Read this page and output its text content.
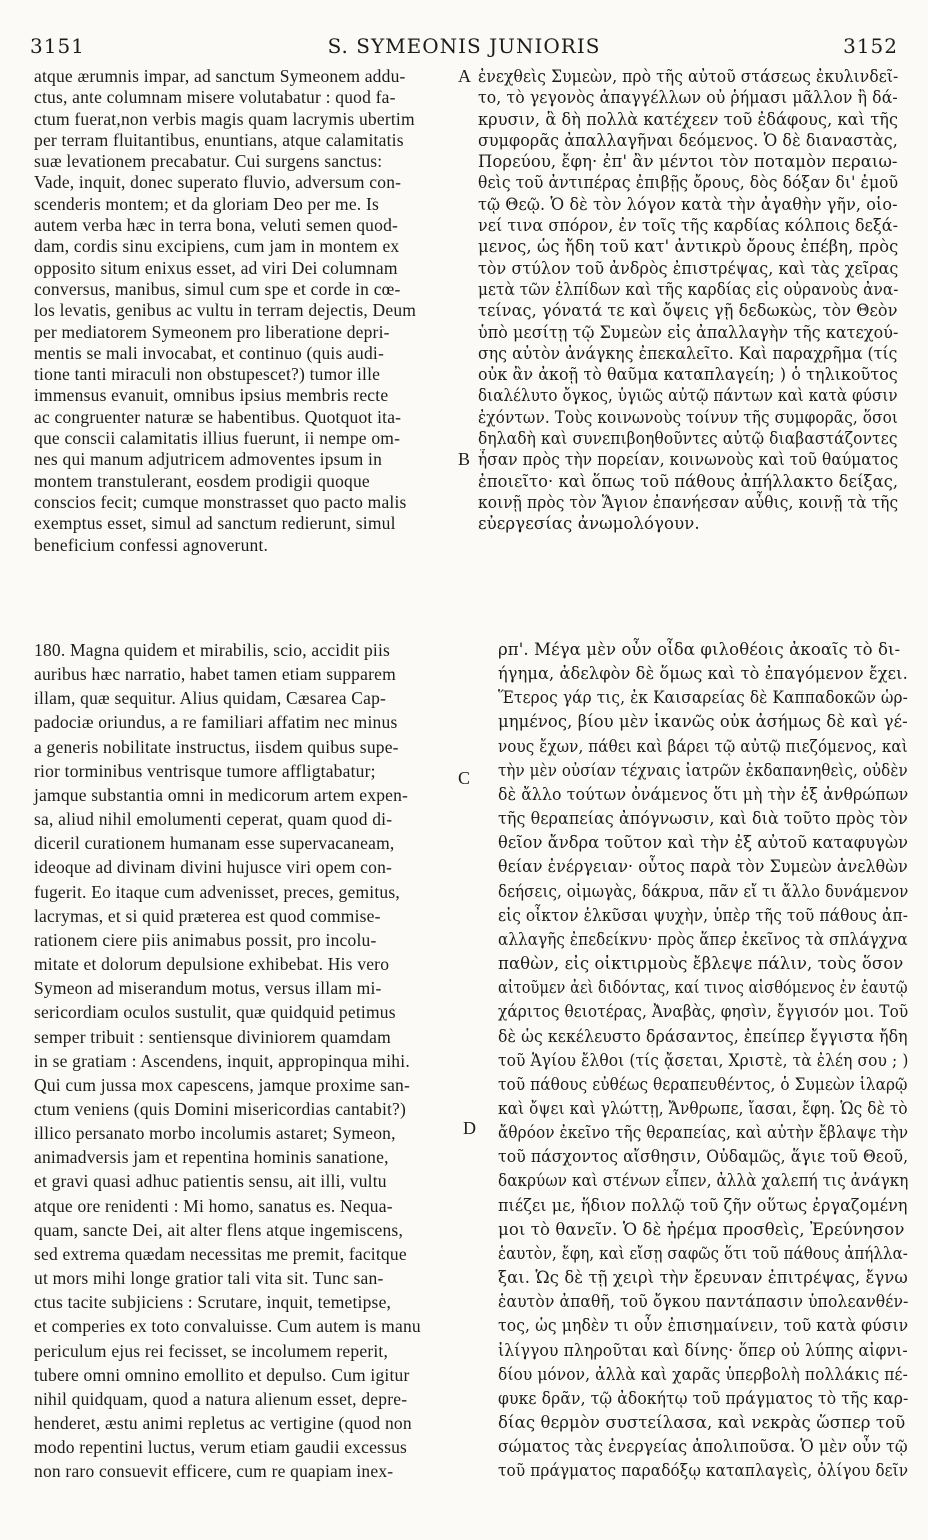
3151	S. SYMEONIS JUNIORIS	3152
A
B
C
D
atque ærumnis impar, ad sanctum Symeonem addu-
ctus, ante columnam misere volutabatur : quod fa-
ctum fuerat,non verbis magis quam lacrymis ubertim
per terram fluitantibus, enuntians, atque calamitatis
suæ levationem precabatur. Cui surgens sanctus:
Vade, inquit, donec superato fluvio, adversum con-
scenderis montem; et da gloriam Deo per me. Is
autem verba hæc in terra bona, veluti semen quod-
dam, cordis sinu excipiens, cum jam in montem ex
opposito situm enixus esset, ad viri Dei columnam
conversus, manibus, simul cum spe et corde in cœ-
los levatis, genibus ac vultu in terram dejectis, Deum
per mediatorem Symeonem pro liberatione depri-
mentis se mali invocabat, et continuo (quis audi-
tione tanti miraculi non obstupescet?) tumor ille
immensus evanuit, omnibus ipsius membris recte
ac congruenter naturæ se habentibus. Quotquot ita-
que conscii calamitatis illius fuerunt, ii nempe om-
nes qui manum adjutricem admoventes ipsum in
montem transtulerant, eosdem prodigii quoque
conscios fecit; cumque monstrasset quo pacto malis
exemptus esset, simul ad sanctum redierunt, simul
beneficium confessi agnoverunt.
ἐνεχθεὶς Συμεὼν, πρὸ τῆς αὐτοῦ στάσεως ἐκυλινδεῖ-
το, τὸ γεγονὸς ἀπαγγέλλων οὐ ῥήμασι μᾶλλον ἢ δά-
κρυσιν, ἃ δὴ πολλὰ κατέχεεν τοῦ ἐδάφους, καὶ τῆς
συμφορᾶς ἀπαλλαγῆναι δεόμενος. Ὁ δὲ διαναστὰς,
Πορεύου, ἔφη· ἐπ' ἂν μέντοι τὸν ποταμὸν περαιω-
θεὶς τοῦ ἀντιπέρας ἐπιβῇς ὄρους, δὸς δόξαν δι' ἐμοῦ
τῷ Θεῷ. Ὁ δὲ τὸν λόγον κατὰ τὴν ἀγαθὴν γῆν, οἱο-
νεί τινα σπόρον, ἐν τοῖς τῆς καρδίας κόλποις δεξά-
μενος, ὡς ἤδη τοῦ κατ' ἀντικρὺ ὄρους ἐπέβη, πρὸς
τὸν στύλον τοῦ ἀνδρὸς ἐπιστρέψας, καὶ τὰς χεῖρας
μετὰ τῶν ἐλπίδων καὶ τῆς καρδίας εἰς οὐρανοὺς ἀνα-
τείνας, γόνατά τε καὶ ὄψεις γῇ δεδωκὼς, τὸν Θεὸν
ὑπὸ μεσίτῃ τῷ Συμεὼν εἰς ἀπαλλαγὴν τῆς κατεχού-
σης αὐτὸν ἀνάγκης ἐπεκαλεῖτο. Καὶ παραχρῆμα (τίς
οὐκ ἂν ἀκοῇ τὸ θαῦμα καταπλαγείη; ) ὁ τηλικοῦτος
διαλέλυτο ὄγκος, ὑγιῶς αὐτῷ πάντων καὶ κατὰ φύσιν
ἐχόντων. Τοὺς κοινωνοὺς τοίνυν τῆς συμφορᾶς, ὅσοι
δηλαδὴ καὶ συνεπιβοηθοῦντες αὐτῷ διαβαστάζοντες
ἦσαν πρὸς τὴν πορείαν, κοινωνοὺς καὶ τοῦ θαύματος
ἐποιεῖτο· καὶ ὅπως τοῦ πάθους ἀπήλλακτο δείξας,
κοινῇ πρὸς τὸν Ἅγιον ἐπανήεσαν αὖθις, κοινῇ τὰ τῆς
εὐεργεσίας ἀνωμολόγουν.
180. Magna quidem et mirabilis, scio, accidit piis
auribus hæc narratio, habet tamen etiam supparem
illam, quæ sequitur. Alius quidam, Cæsarea Cap-
padociæ oriundus, a re familiari affatim nec minus
a generis nobilitate instructus, iisdem quibus supe-
rior torminibus ventrisque tumore affligtabatur;
jamque substantia omni in medicorum artem expen-
sa, aliud nihil emolumenti ceperat, quam quod di-
diceril curationem humanam esse supervacaneam,
ideoque ad divinam divini hujusce viri opem con-
fugerit. Eo itaque cum advenisset, preces, gemitus,
lacrymas, et si quid præterea est quod commise-
rationem ciere piis animabus possit, pro incolu-
mitate et dolorum depulsione exhibebat. His vero
Symeon ad miserandum motus, versus illam mi-
sericordiam oculos sustulit, quæ quidquid petimus
semper tribuit : sentiensque diviniorem quamdam
in se gratiam : Ascendens, inquit, appropinqua mihi.
Qui cum jussa mox capescens, jamque proxime san-
ctum veniens (quis Domini misericordias cantabit?)
illico persanato morbo incolumis astaret; Symeon,
animadversis jam et repentina hominis sanatione,
et gravi quasi adhuc patientis sensu, ait illi, vultu
atque ore renidenti : Mi homo, sanatus es. Nequa-
quam, sancte Dei, ait alter flens atque ingemiscens,
sed extrema quædam necessitas me premit, facitque
ut mors mihi longe gratior tali vita sit. Tunc san-
ctus tacite subjiciens : Scrutare, inquit, temetipse,
et comperies ex toto convaluisse. Cum autem is manu
periculum ejus rei fecisset, se incolumem reperit,
tubere omni omnino emollito et depulso. Cum igitur
nihil quidquam, quod a natura alienum esset, depre-
henderet, æstu animi repletus ac vertigine (quod non
modo repentini luctus, verum etiam gaudii excessus
non raro consuevit efficere, cum re quapiam inex-
ρπ'. Μέγα μὲν οὖν οἶδα φιλοθέοις ἀκοαῖς τὸ δι-
ήγημα, ἀδελφὸν δὲ ὅμως καὶ τὸ ἐπαγόμενον ἔχει.
Ἕτερος γάρ τις, ἐκ Καισαρείας δὲ Καππαδοκῶν ὡρ-
μημένος, βίου μὲν ἱκανῶς οὐκ ἀσήμως δὲ καὶ γέ-
νους ἔχων, πάθει καὶ βάρει τῷ αὐτῷ πιεζόμενος, καὶ
τὴν μὲν οὐσίαν τέχναις ἰατρῶν ἐκδαπανηθεὶς, οὐδὲν
δὲ ἄλλο τούτων ὀνάμενος ὅτι μὴ τὴν ἐξ ἀνθρώπων
τῆς θεραπείας ἀπόγνωσιν, καὶ διὰ τοῦτο πρὸς τὸν
θεῖον ἄνδρα τοῦτον καὶ τὴν ἐξ αὐτοῦ καταφυγὼν
θείαν ἐνέργειαν· οὗτος παρὰ τὸν Συμεὼν ἀνελθὼν
δεήσεις, οἰμωγὰς, δάκρυα, πᾶν εἴ τι ἄλλο δυνάμενον
εἰς οἶκτον ἑλκῦσαι ψυχὴν, ὑπὲρ τῆς τοῦ πάθους ἀπ-
αλλαγῆς ἐπεδείκνυ· πρὸς ἅπερ ἐκεῖνος τὰ σπλάγχνα
παθὼν, εἰς οἰκτιρμοὺς ἔβλεψε πάλιν, τοὺς ὅσον
αἰτοῦμεν ἀεὶ διδόντας, καί τινος αἰσθόμενος ἐν ἑαυτῷ
χάριτος θειοτέρας, Ἀναβὰς, φησὶν, ἔγγισόν μοι. Τοῦ
δὲ ὡς κεκέλευστο δράσαντος, ἐπείπερ ἔγγιστα ἤδη
τοῦ Ἁγίου ἔλθοι (τίς ᾄσεται, Χριστὲ, τὰ ἐλέη σου ; )
τοῦ πάθους εὐθέως θεραπευθέντος, ὁ Συμεὼν ἱλαρῷ
καὶ ὄψει καὶ γλώττῃ, Ἄνθρωπε, ἴασαι, ἔφη. Ὡς δὲ τὸ
ἄθρόον ἐκεῖνο τῆς θεραπείας, καὶ αὐτὴν ἔβλαψε τὴν
τοῦ πάσχοντος αἴσθησιν, Οὐδαμῶς, ἅγιε τοῦ Θεοῦ,
δακρύων καὶ στένων εἶπεν, ἀλλὰ χαλεπή τις ἀνάγκη
πιέζει με, ἥδιον πολλῷ τοῦ ζῆν οὕτως ἐργαζομένη
μοι τὸ θανεῖν. Ὁ δὲ ἠρέμα προσθεὶς, Ἐρεύνησον
ἑαυτὸν, ἔφη, καὶ εἴσῃ σαφῶς ὅτι τοῦ πάθους ἀπήλλα-
ξαι. Ὡς δὲ τῇ χειρὶ τὴν ἔρευναν ἐπιτρέψας, ἔγνω
ἑαυτὸν ἀπαθῆ, τοῦ ὄγκου παντάπασιν ὑπολεανθέν-
τος, ὡς μηδὲν τι οὖν ἐπισημαίνειν, τοῦ κατὰ φύσιν
ἰλίγγου πληροῦται καὶ δίνης· ὅπερ οὐ λύπης αἰφνι-
δίου μόνον, ἀλλὰ καὶ χαρᾶς ὑπερβολὴ πολλάκις πέ-
φυκε δρᾶν, τῷ ἀδοκήτῳ τοῦ πράγματος τὸ τῆς καρ-
δίας θερμὸν συστείλασα, καὶ νεκρὰς ὥσπερ τοῦ
σώματος τὰς ἐνεργείας ἀπολιποῦσα. Ὁ μὲν οὖν τῷ
τοῦ πράγματος παραδόξῳ καταπλαγεὶς, ὀλίγου δεῖν
